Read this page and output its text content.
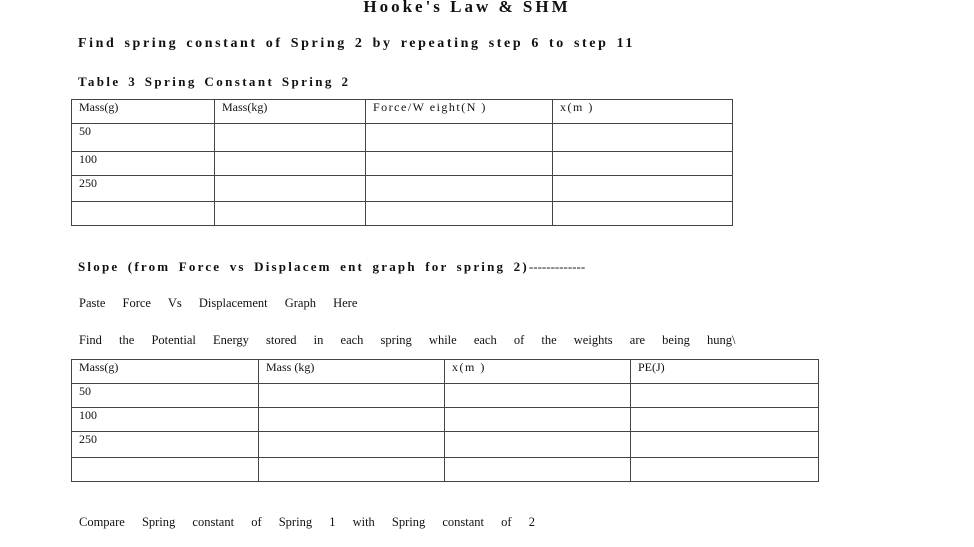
Hooke's Law & SHM
Find spring constant of Spring 2 by repeating step 6 to step 11
Table 3 Spring Constant Spring 2
Mass(g)	Mass(kg)	Force/W eight(N )	x(m )
50			
100			
250			

Slope (from Force vs Displacem ent graph for spring 2)-------------
Paste Force Vs Displacement Graph Here
Find the Potential Energy stored in each spring while each of the weights are being hung\
Mass(g)	Mass (kg)	x(m )	PE(J)
50			
100			
250			

Compare Spring constant of Spring 1 with Spring constant of 2
